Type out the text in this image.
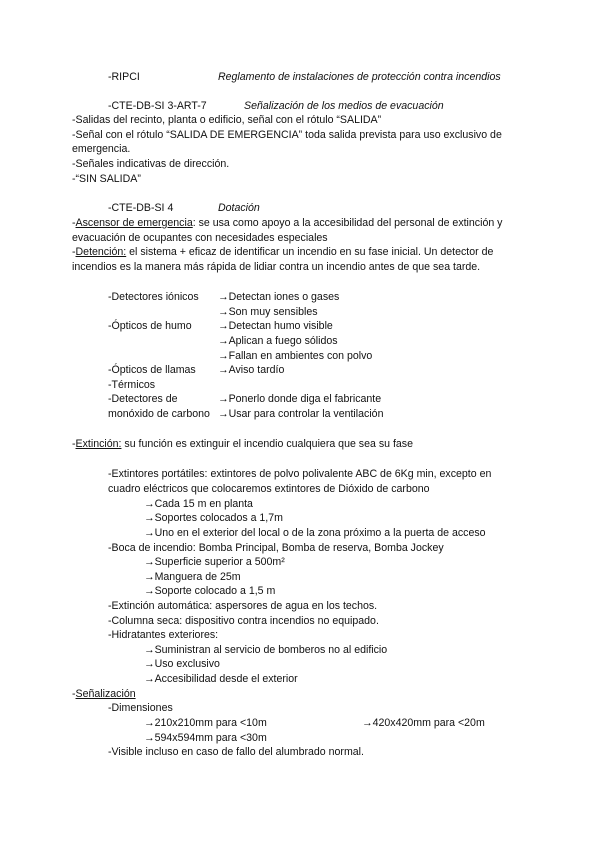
-RIPCI	Reglamento de instalaciones de protección contra incendios
-CTE-DB-SI 3-ART-7	Señalización de los medios de evacuación
-Salidas del recinto, planta o edificio, señal con el rótulo “SALIDA”
-Señal con el rótulo “SALIDA DE EMERGENCIA” toda salida prevista para uso exclusivo de
emergencia.
-Señales indicativas de dirección.
-“SIN SALIDA”
-CTE-DB-SI 4	Dotación
-Ascensor de emergencia: se usa como apoyo a la accesibilidad del personal de extinción y
evacuación de ocupantes con necesidades especiales
-Detención: el sistema + eficaz de identificar un incendio en su fase inicial. Un detector de
incendios es la manera más rápida de lidiar contra un incendio antes de que sea tarde.
-Detectores iónicos →Detectan iones o gases
→Son muy sensibles
-Ópticos de humo →Detectan humo visible
→Aplican a fuego sólidos
→Fallan en ambientes con polvo
-Ópticos de llamas →Aviso tardío
-Térmicos
-Detectores de	→Ponerlo donde diga el fabricante
monóxido de carbono →Usar para controlar la ventilación
-Extinción: su función es extinguir el incendio cualquiera que sea su fase
-Extintores portátiles: extintores de polvo polivalente ABC de 6Kg min, excepto en
cuadro eléctricos que colocaremos extintores de Dióxido de carbono
→Cada 15 m en planta
→Soportes colocados a 1,7m
→Uno en el exterior del local o de la zona próximo a la puerta de acceso
-Boca de incendio: Bomba Principal, Bomba de reserva, Bomba Jockey
→Superficie superior a 500m²
→Manguera de 25m
→Soporte colocado a 1,5 m
-Extinción automática: aspersores de agua en los techos.
-Columna seca: dispositivo contra incendios no equipado.
-Hidratantes exteriores:
→Suministran al servicio de bomberos no al edificio
→Uso exclusivo
→Accesibilidad desde el exterior
-Señalización
-Dimensiones
→210x210mm para <10m	→420x420mm para <20m
→594x594mm para <30m
-Visible incluso en caso de fallo del alumbrado normal.
